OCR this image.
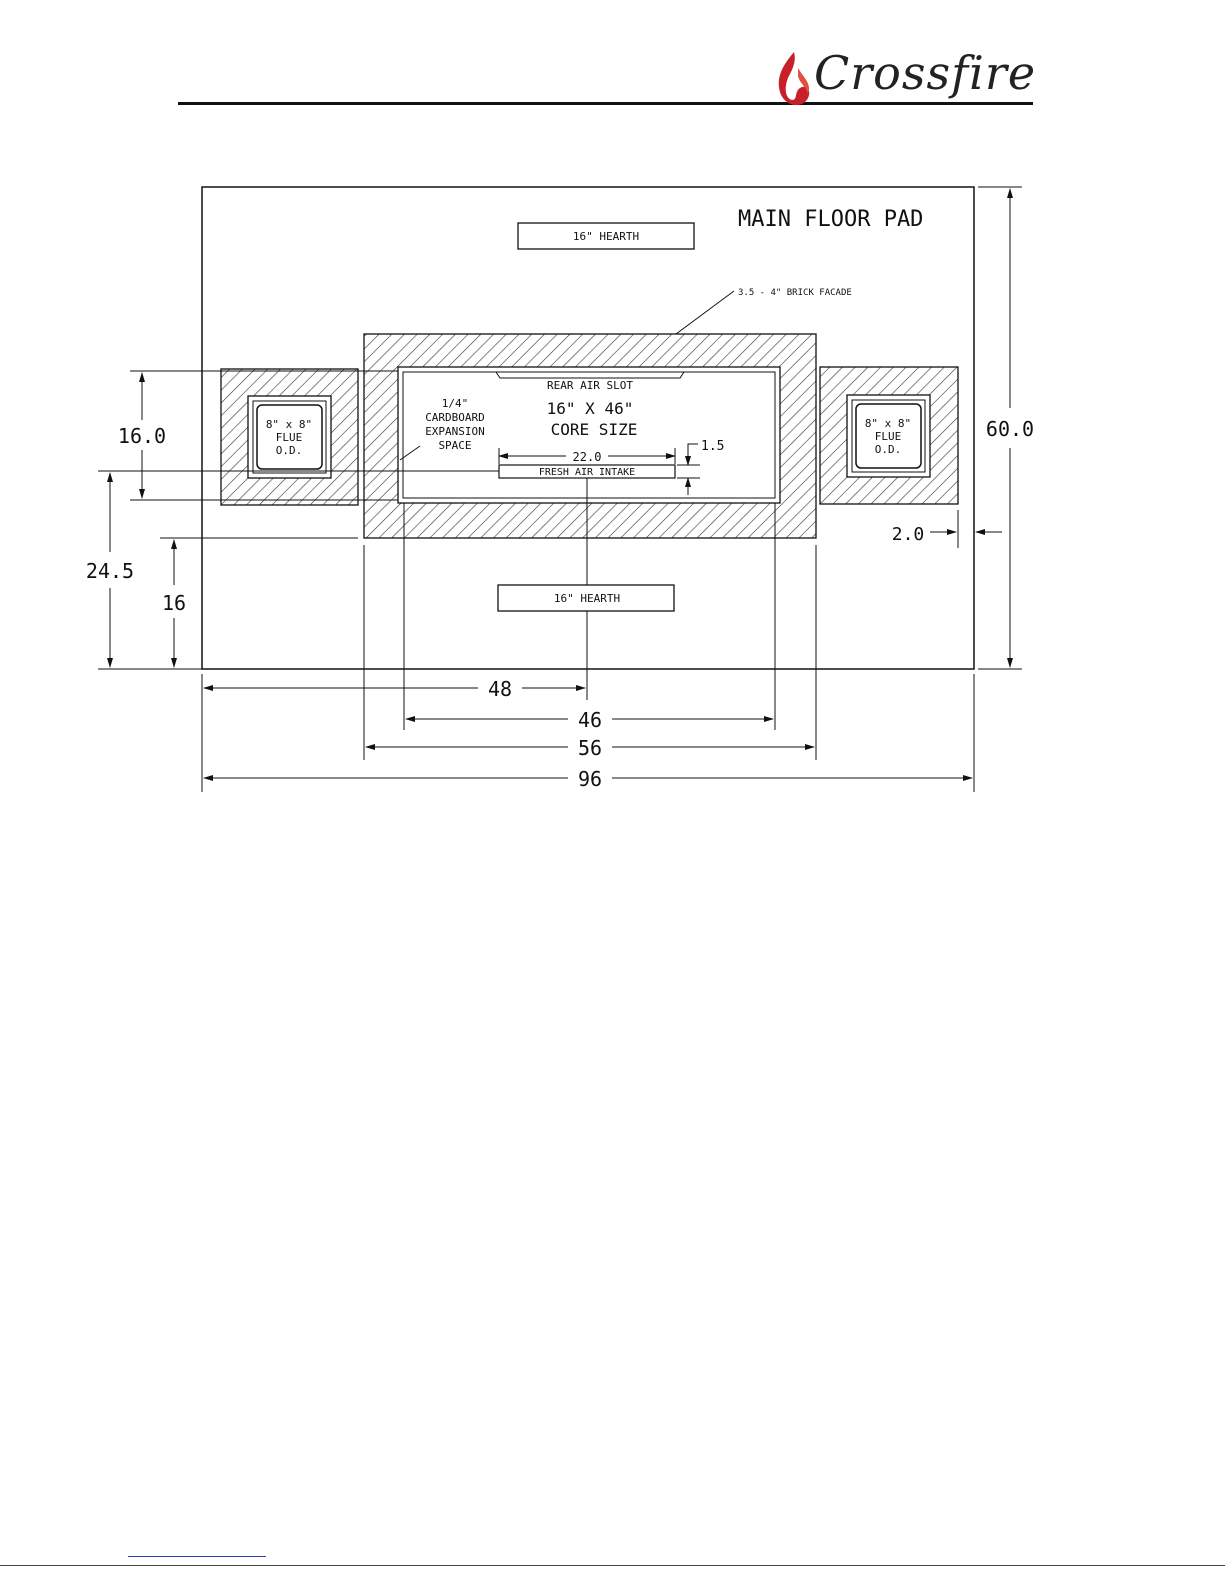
Crossfire
MAIN FLOOR PAD
16" HEARTH
3.5 - 4" BRICK FACADE
REAR AIR SLOT
16" X 46"
CORE SIZE
1/4"
CARDBOARD
EXPANSION
SPACE
FRESH AIR INTAKE
22.0
1.5
16" HEARTH
8" x 8"
FLUE
O.D.
8" x 8"
FLUE
O.D.
60.0
2.0
16.0
24.5
16
48
46
56
96
